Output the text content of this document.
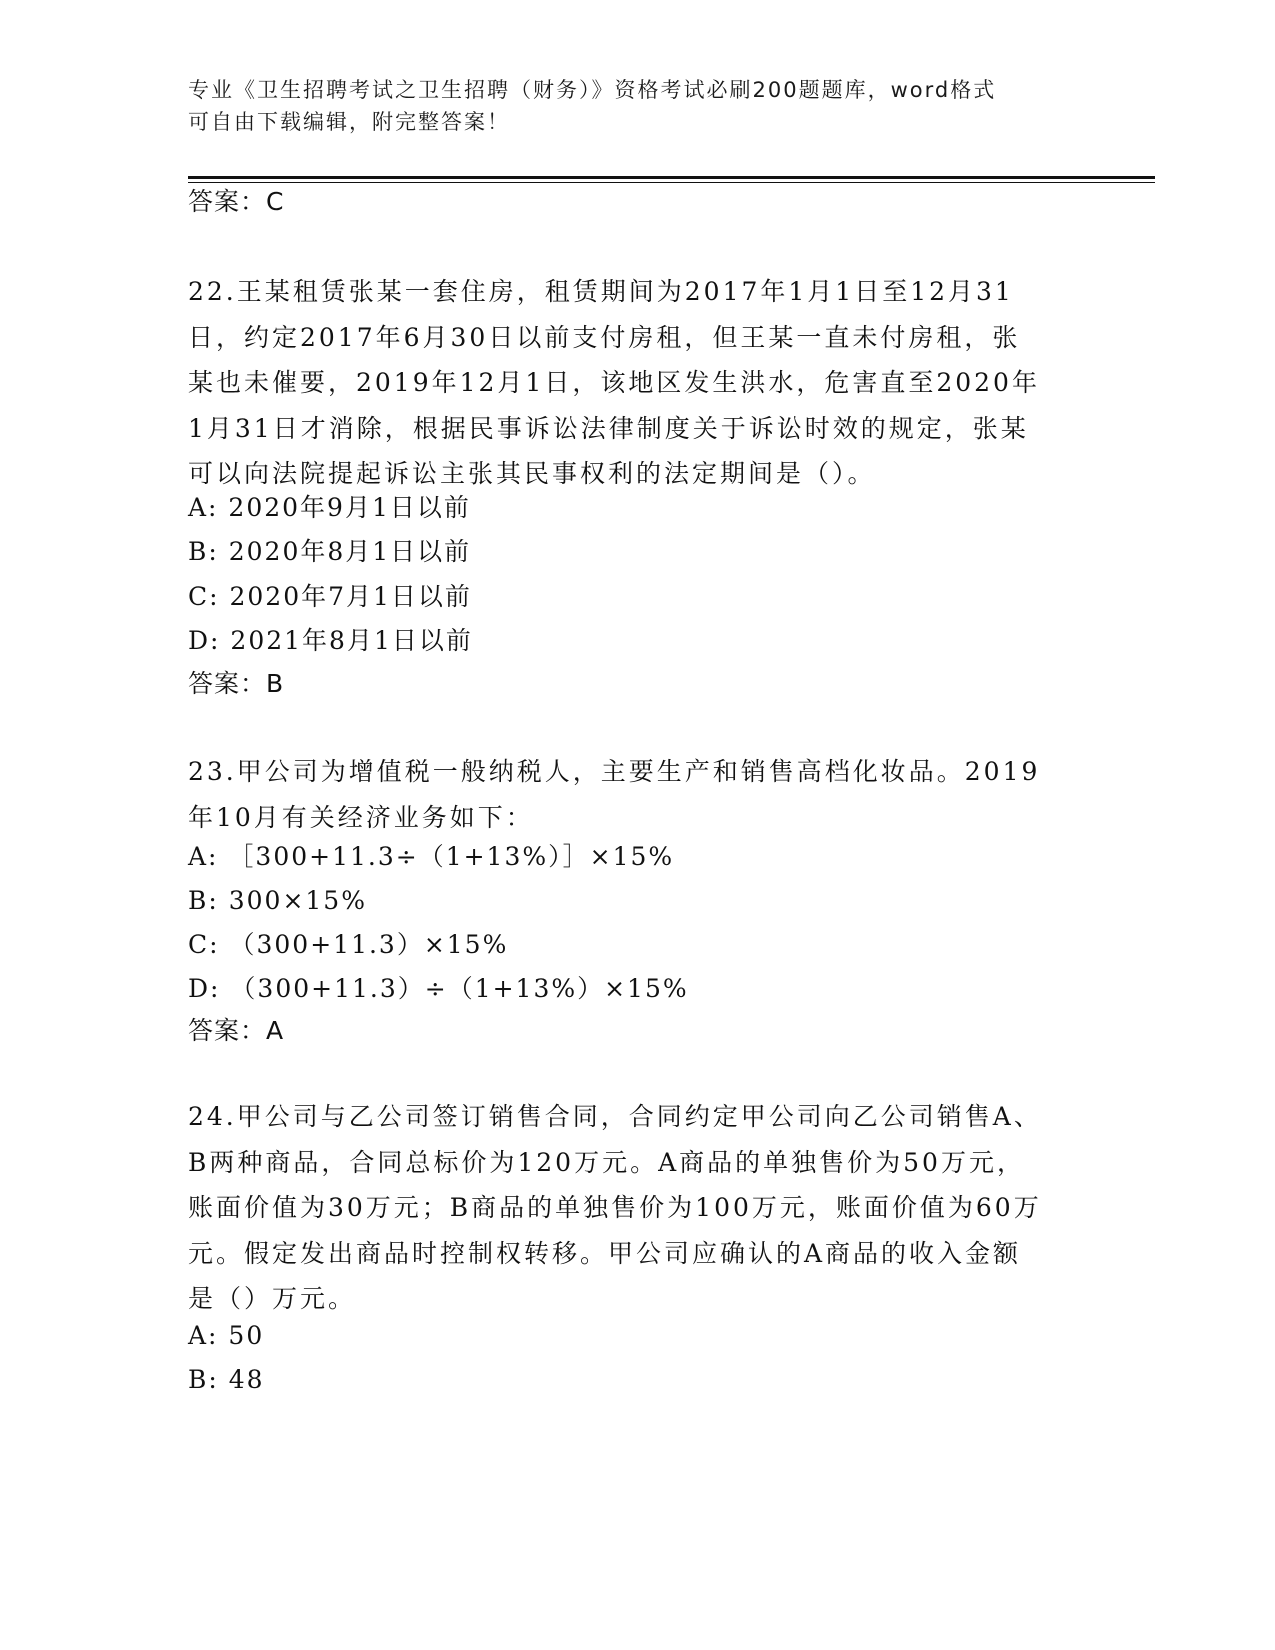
专业《卫生招聘考试之卫生招聘（财务）》资格考试必刷200题题库，word格式
可自由下载编辑，附完整答案！
答案：C
22.王某租赁张某一套住房，租赁期间为2017年1月1日至12月31
日，约定2017年6月30日以前支付房租，但王某一直未付房租，张
某也未催要，2019年12月1日，该地区发生洪水，危害直至2020年
1月31日才消除，根据民事诉讼法律制度关于诉讼时效的规定，张某
可以向法院提起诉讼主张其民事权利的法定期间是（）。
A: 2020年9月1日以前
B: 2020年8月1日以前
C: 2020年7月1日以前
D: 2021年8月1日以前
答案：B
23.甲公司为增值税一般纳税人，主要生产和销售高档化妆品。2019
年10月有关经济业务如下：
A: ［300+11.3÷（1+13%）］×15%
B: 300×15%
C: （300+11.3）×15%
D: （300+11.3）÷（1+13%）×15%
答案：A
24.甲公司与乙公司签订销售合同，合同约定甲公司向乙公司销售A、
B两种商品，合同总标价为120万元。A商品的单独售价为50万元，
账面价值为30万元；B商品的单独售价为100万元，账面价值为60万
元。假定发出商品时控制权转移。甲公司应确认的A商品的收入金额
是（）万元。
A: 50
B: 48
